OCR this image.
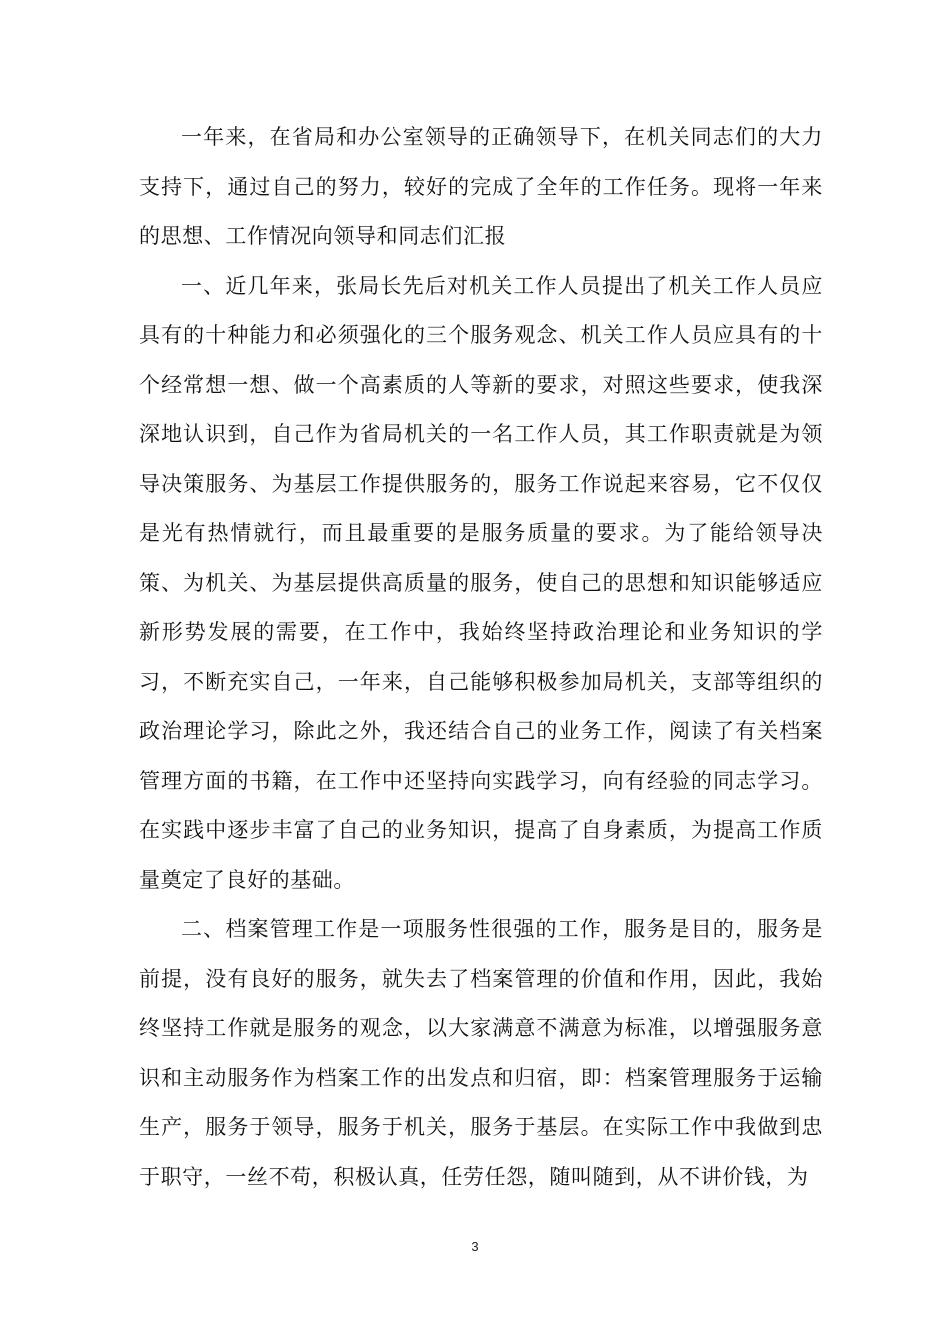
一年来，在省局和办公室领导的正确领导下，在机关同志们的大力支持下，通过自己的努力，较好的完成了全年的工作任务。现将一年来的思想、工作情况向领导和同志们汇报

一、近几年来，张局长先后对机关工作人员提出了机关工作人员应具有的十种能力和必须强化的三个服务观念、机关工作人员应具有的十个经常想一想、做一个高素质的人等新的要求，对照这些要求，使我深深地认识到，自己作为省局机关的一名工作人员，其工作职责就是为领导决策服务、为基层工作提供服务的，服务工作说起来容易，它不仅仅是光有热情就行，而且最重要的是服务质量的要求。为了能给领导决策、为机关、为基层提供高质量的服务，使自己的思想和知识能够适应新形势发展的需要，在工作中，我始终坚持政治理论和业务知识的学习，不断充实自己，一年来，自己能够积极参加局机关，支部等组织的政治理论学习，除此之外，我还结合自己的业务工作，阅读了有关档案管理方面的书籍，在工作中还坚持向实践学习，向有经验的同志学习。在实践中逐步丰富了自己的业务知识，提高了自身素质，为提高工作质量奠定了良好的基础。

二、档案管理工作是一项服务性很强的工作，服务是目的，服务是前提，没有良好的服务，就失去了档案管理的价值和作用，因此，我始终坚持工作就是服务的观念，以大家满意不满意为标准，以增强服务意识和主动服务作为档案工作的出发点和归宿，即：档案管理服务于运输生产，服务于领导，服务于机关，服务于基层。在实际工作中我做到忠于职守，一丝不苟，积极认真，任劳任怨，随叫随到，从不讲价钱，为

3
